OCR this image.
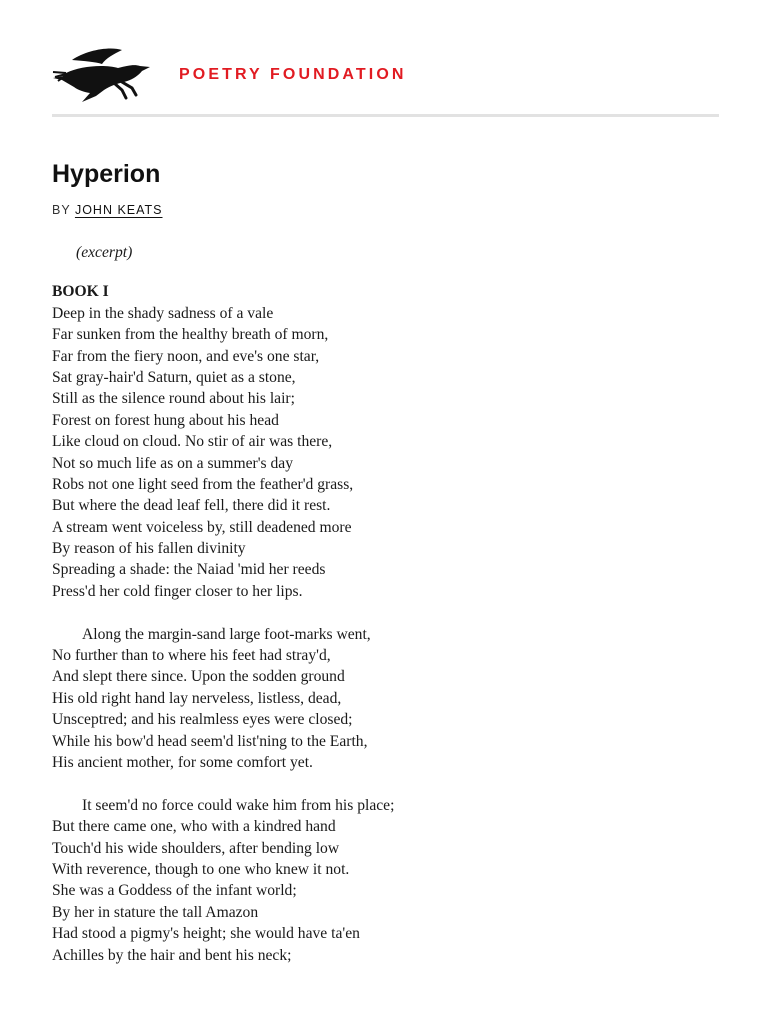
POETRY FOUNDATION
Hyperion
BY JOHN KEATS
(excerpt)
BOOK I
Deep in the shady sadness of a vale
Far sunken from the healthy breath of morn,
Far from the fiery noon, and eve's one star,
Sat gray-hair'd Saturn, quiet as a stone,
Still as the silence round about his lair;
Forest on forest hung about his head
Like cloud on cloud. No stir of air was there,
Not so much life as on a summer's day
Robs not one light seed from the feather'd grass,
But where the dead leaf fell, there did it rest.
A stream went voiceless by, still deadened more
By reason of his fallen divinity
Spreading a shade: the Naiad 'mid her reeds
Press'd her cold finger closer to her lips.
Along the margin-sand large foot-marks went,
No further than to where his feet had stray'd,
And slept there since. Upon the sodden ground
His old right hand lay nerveless, listless, dead,
Unsceptred; and his realmless eyes were closed;
While his bow'd head seem'd list'ning to the Earth,
His ancient mother, for some comfort yet.
It seem'd no force could wake him from his place;
But there came one, who with a kindred hand
Touch'd his wide shoulders, after bending low
With reverence, though to one who knew it not.
She was a Goddess of the infant world;
By her in stature the tall Amazon
Had stood a pigmy's height; she would have ta'en
Achilles by the hair and bent his neck;
